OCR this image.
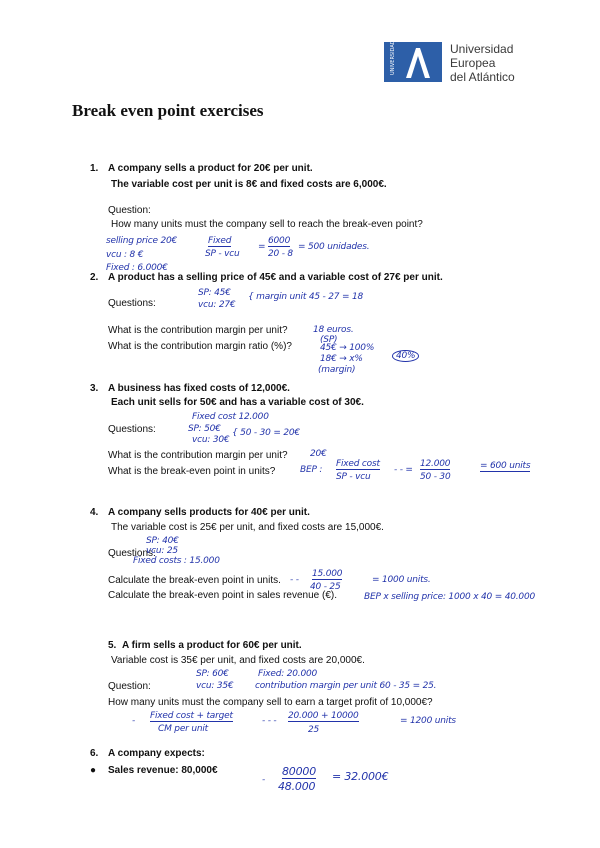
UNIVERSIDAD EUROPEA	Universidad
Europea
del Atlántico
Break even point exercises
1. A company sells a product for 20€ per unit.
The variable cost per unit is 8€ and fixed costs are 6,000€.
Question:
How many units must the company sell to reach the break-even point?
selling price 20€
vcu : 8 €
Fixed : 6.000€
Fixed
SP - vcu
=
6000
20 - 8
= 500 unidades.
2. A product has a selling price of 45€ and a variable cost of 27€ per unit.
SP: 45€
vcu: 27€
{ margin unit 45 - 27 = 18
Questions:
What is the contribution margin per unit?	18 euros.
(SP)
What is the contribution margin ratio (%)?	45€ → 100%
18€ → x%
(margin)
40%
3. A business has fixed costs of 12,000€.
Each unit sells for 50€ and has a variable cost of 30€.
Fixed cost 12.000
Questions:	SP: 50€
vcu: 30€
{ 50 - 30 = 20€
What is the contribution margin per unit? 20€
What is the break-even point in units?	BEP :
Fixed cost
SP - vcu
- - =
12.000
50 - 30
= 600 units
4. A company sells products for 40€ per unit.
The variable cost is 25€ per unit, and fixed costs are 15,000€.
SP: 40€
Questions:
vcu: 25
Fixed costs : 15.000
Calculate the break-even point in units. - -
15.000
40 - 25
= 1000 units.
Calculate the break-even point in sales revenue (€).	BEP x selling price: 1000 x 40 = 40.000
5. A firm sells a product for 60€ per unit.
Variable cost is 35€ per unit, and fixed costs are 20,000€.
SP: 60€	Fixed: 20.000
Question:	vcu: 35€ contribution margin per unit 60 - 35 = 25.
How many units must the company sell to earn a target profit of 10,000€?
- Fixed cost + target
CM per unit
- - - 20.000 + 10000
25
= 1200 units
6. A company expects:
● Sales revenue: 80,000€	80000
- 48.000
= 32.000€
